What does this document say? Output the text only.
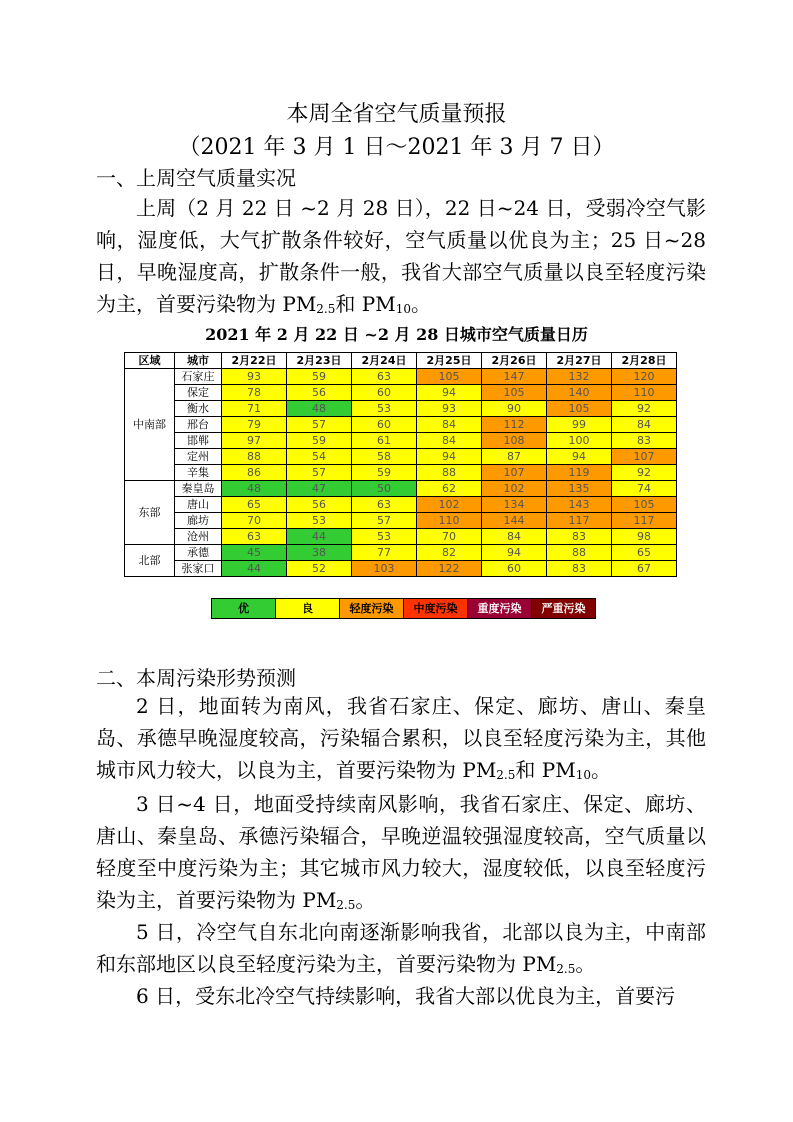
本周全省空气质量预报
（2021 年 3 月 1 日～2021 年 3 月 7 日）
一、上周空气质量实况
上周（2 月 22 日 ~2 月 28 日），22 日~24 日，受弱冷空气影响，湿度低，大气扩散条件较好，空气质量以优良为主；25 日~28 日，早晚湿度高，扩散条件一般，我省大部空气质量以良至轻度污染为主，首要污染物为 $PM_{2.5}$和 $PM_{10}$。
2021 年 2 月 22 日 ~2 月 28 日城市空气质量日历
区域	城市	2月22日	2月23日	2月24日	2月25日	2月26日	2月27日	2月28日
中南部	石家庄	93	59	63	105	147	132	120
	保定	78	56	60	94	105	140	110
	衡水	71	48	53	93	90	105	92
	邢台	79	57	60	84	112	99	84
	邯郸	97	59	61	84	108	100	83
	定州	88	54	58	94	87	94	107
	辛集	86	57	59	88	107	119	92
东部	秦皇岛	48	47	50	62	102	135	74
	唐山	65	56	63	102	134	143	105
	廊坊	70	53	57	110	144	117	117
	沧州	63	44	53	70	84	83	98
北部	承德	45	38	77	82	94	88	65
	张家口	44	52	103	122	60	83	67
优	良	轻度污染	中度污染	重度污染	严重污染
二、本周污染形势预测
2 日，地面转为南风，我省石家庄、保定、廊坊、唐山、秦皇岛、承德早晚湿度较高，污染辐合累积，以良至轻度污染为主，其他城市风力较大，以良为主，首要污染物为 $PM_{2.5}$和 $PM_{10}$。
3 日~4 日，地面受持续南风影响，我省石家庄、保定、廊坊、唐山、秦皇岛、承德污染辐合，早晚逆温较强湿度较高，空气质量以轻度至中度污染为主；其它城市风力较大，湿度较低，以良至轻度污染为主，首要污染物为 $PM_{2.5}$。
5 日，冷空气自东北向南逐渐影响我省，北部以良为主，中南部和东部地区以良至轻度污染为主，首要污染物为 $PM_{2.5}$。
6 日，受东北冷空气持续影响，我省大部以优良为主，首要污
